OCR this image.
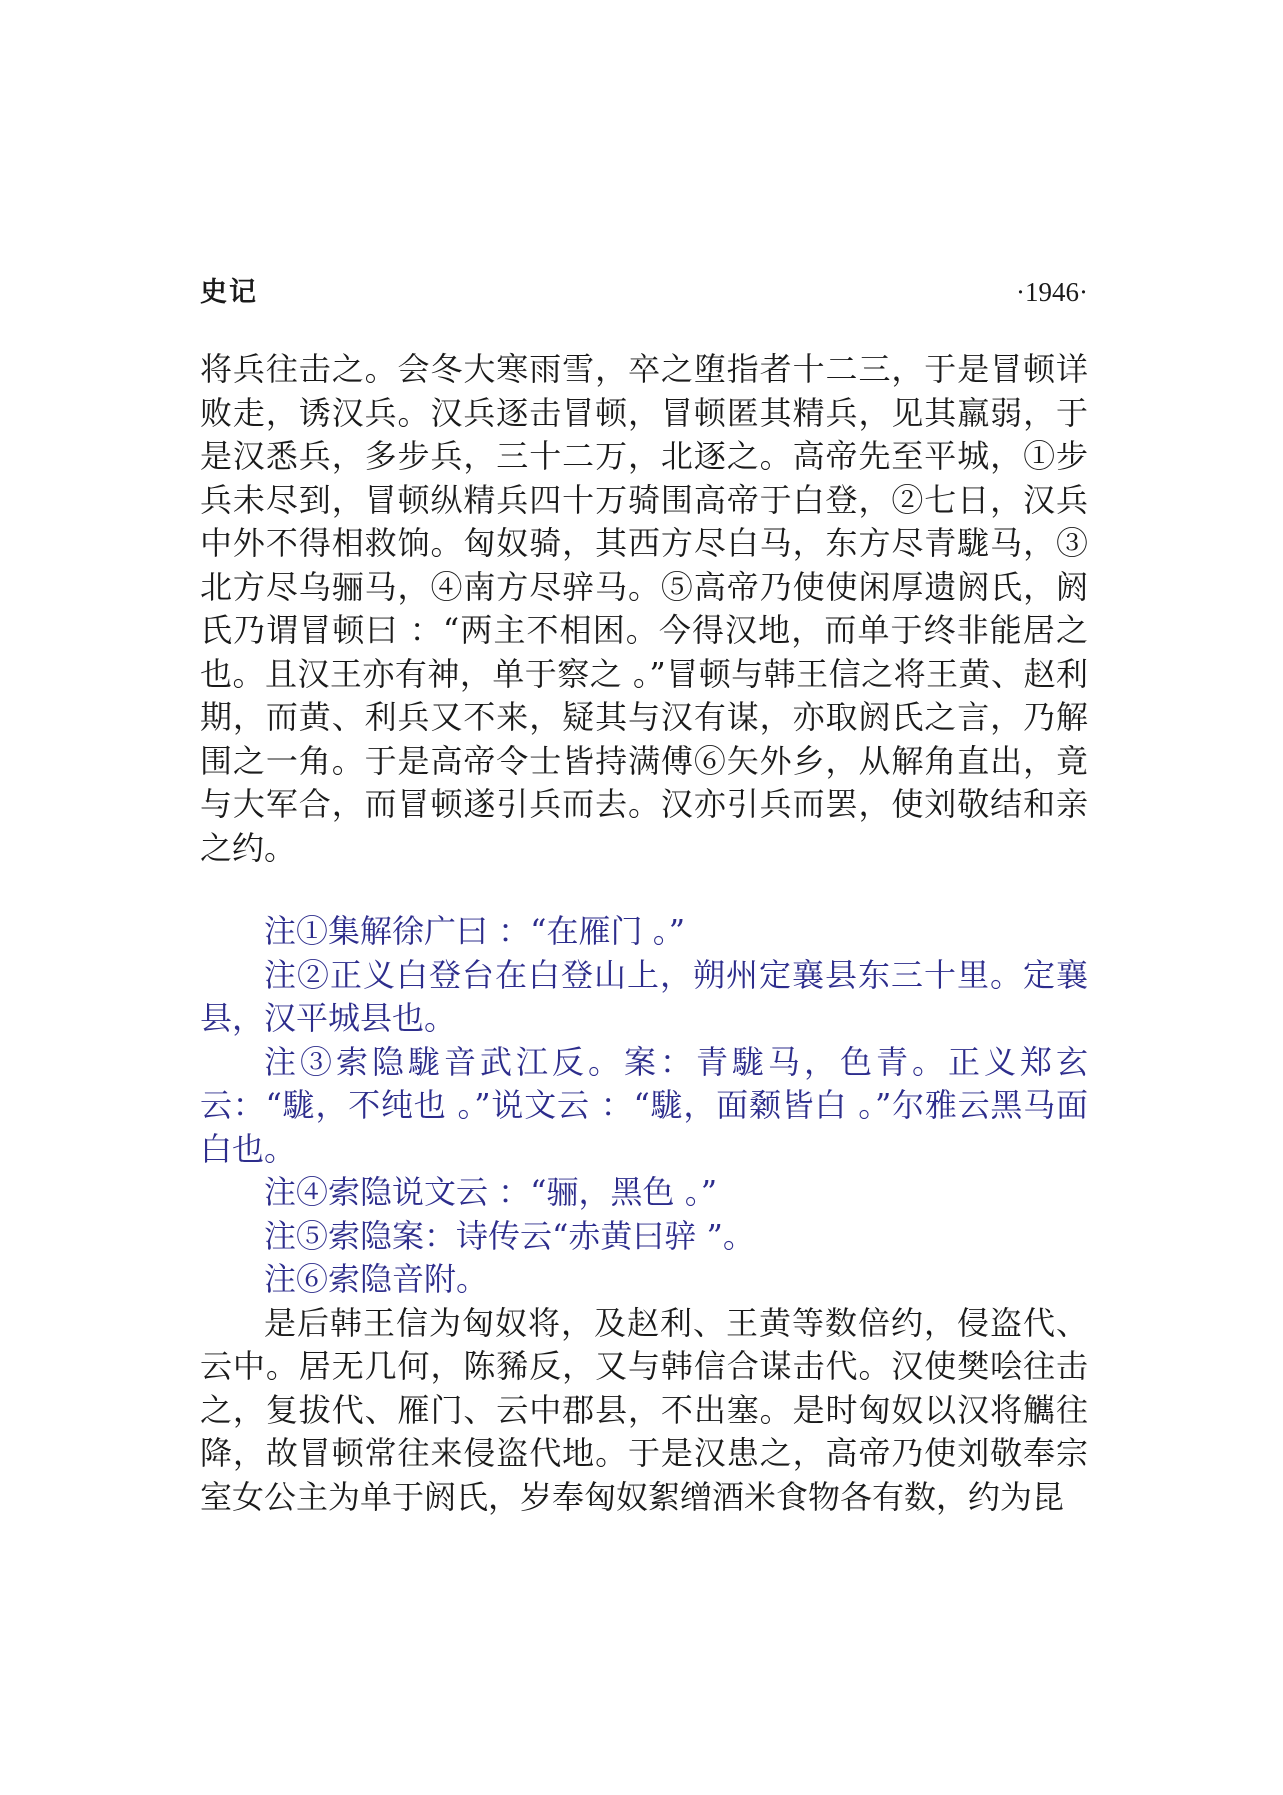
史记	·1946·

将兵往击之。会冬大寒雨雪，卒之堕指者十二三，于是冒顿详败走，诱汉兵。汉兵逐击冒顿，冒顿匿其精兵，见其羸弱，于是汉悉兵，多步兵，三十二万，北逐之。高帝先至平城，①步兵未尽到，冒顿纵精兵四十万骑围高帝于白登，②七日，汉兵中外不得相救饷。匈奴骑，其西方尽白马，东方尽青駹马，③北方尽乌骊马，④南方尽骍马。⑤高帝乃使使闲厚遗阏氏，阏氏乃谓冒顿曰 ：“两主不相困。今得汉地，而单于终非能居之也。且汉王亦有神，单于察之 。”冒顿与韩王信之将王黄、赵利期，而黄、利兵又不来，疑其与汉有谋，亦取阏氏之言，乃解围之一角。于是高帝令士皆持满傅⑥矢外乡，从解角直出，竟与大军合，而冒顿遂引兵而去。汉亦引兵而罢，使刘敬结和亲之约。

注①集解徐广曰 ：“在雁门 。”

注②正义白登台在白登山上，朔州定襄县东三十里。定襄县，汉平城县也。

注③索隐駹音武江反。案：青駹马，色青。正义郑玄云：“駹，不纯也 。”说文云 ：“駹，面颡皆白 。”尔雅云黑马面白也。

注④索隐说文云 ：“骊，黑色 。”

注⑤索隐案：诗传云“赤黄曰骍 ”。

注⑥索隐音附。

是后韩王信为匈奴将，及赵利、王黄等数倍约，侵盗代、云中。居无几何，陈豨反，又与韩信合谋击代。汉使樊哙往击之，复拔代、雁门、云中郡县，不出塞。是时匈奴以汉将觽往降，故冒顿常往来侵盗代地。于是汉患之，高帝乃使刘敬奉宗室女公主为单于阏氏，岁奉匈奴絮缯酒米食物各有数，约为昆
